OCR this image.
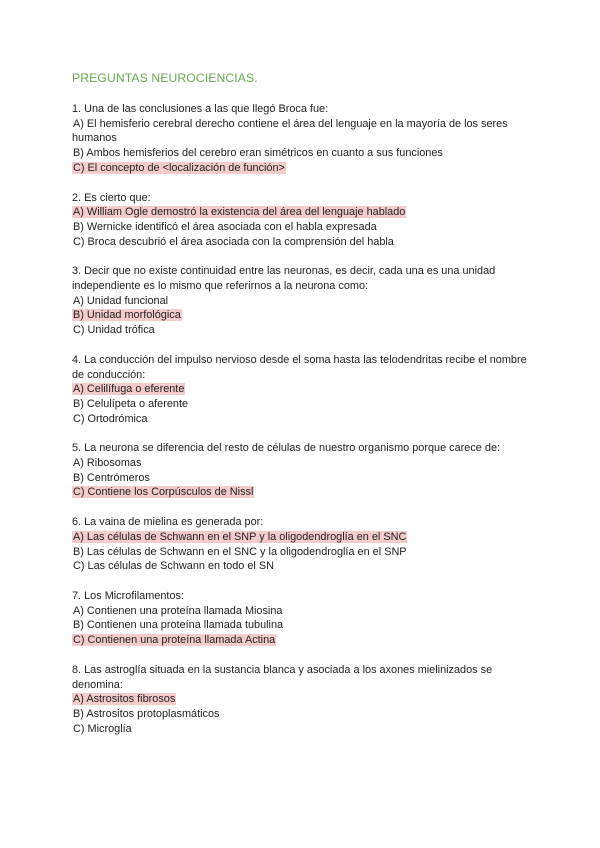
PREGUNTAS NEUROCIENCIAS.

1. Una de las conclusiones a las que llegó Broca fue:

A) El hemisferio cerebral derecho contiene el área del lenguaje en la mayoría de los seres humanos

B) Ambos hemisferios del cerebro eran simétricos en cuanto a sus funciones

C) El concepto de <localización de función>

2. Es cierto que:

A) William Ogle demostró la existencia del área del lenguaje hablado

B) Wernicke identificó el área asociada con el habla expresada

C) Broca descubrió el área asociada con la comprensión del habla

3. Decir que no existe continuidad entre las neuronas, es decir, cada una es una unidad independiente es lo mismo que referirnos a la neurona como:

A) Unidad funcional

B) Unidad morfológica

C) Unidad trófica

4. La conducción del impulso nervioso desde el soma hasta las telodendritas recibe el nombre de conducción:

A) Celilífuga o eferente

B) Celulípeta o aferente

C) Ortodrómica

5. La neurona se diferencia del resto de células de nuestro organismo porque carece de:

A) Ribosomas

B) Centrómeros

C) Contiene los Corpúsculos de Nissl

6. La vaina de mielina es generada por:

A) Las células de Schwann en el SNP y la oligodendroglía en el SNC

B) Las células de Schwann en el SNC y la oligodendroglía en el SNP

C) Las células de Schwann en todo el SN

7. Los Microfilamentos:

A) Contienen una proteína llamada Miosina

B) Contienen una proteína llamada tubulina

C) Contienen una proteína llamada Actina

8. Las astroglía situada en la sustancia blanca y asociada a los axones mielinizados se denomina:

A) Astrositos fibrosos

B) Astrositos protoplasmáticos

C) Microglía
